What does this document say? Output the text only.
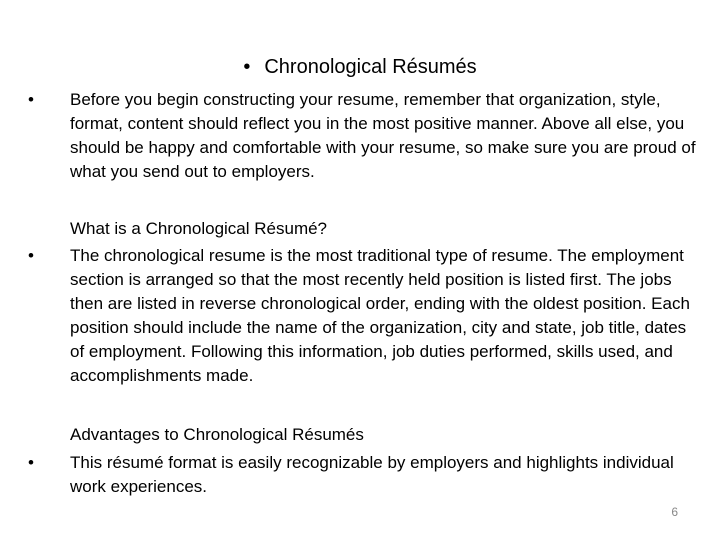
• Chronological Résumés
• Before you begin constructing your resume, remember that organization, style, format, content should reflect you in the most positive manner. Above all else, you should be happy and comfortable with your resume, so make sure you are proud of what you send out to employers.
What is a Chronological Résumé?
• The chronological resume is the most traditional type of resume. The employment section is arranged so that the most recently held position is listed first. The jobs then are listed in reverse chronological order, ending with the oldest position. Each position should include the name of the organization, city and state, job title, dates of employment. Following this information, job duties performed, skills used, and accomplishments made.
Advantages to Chronological Résumés
• This résumé format is easily recognizable by employers and highlights individual work experiences.
6
